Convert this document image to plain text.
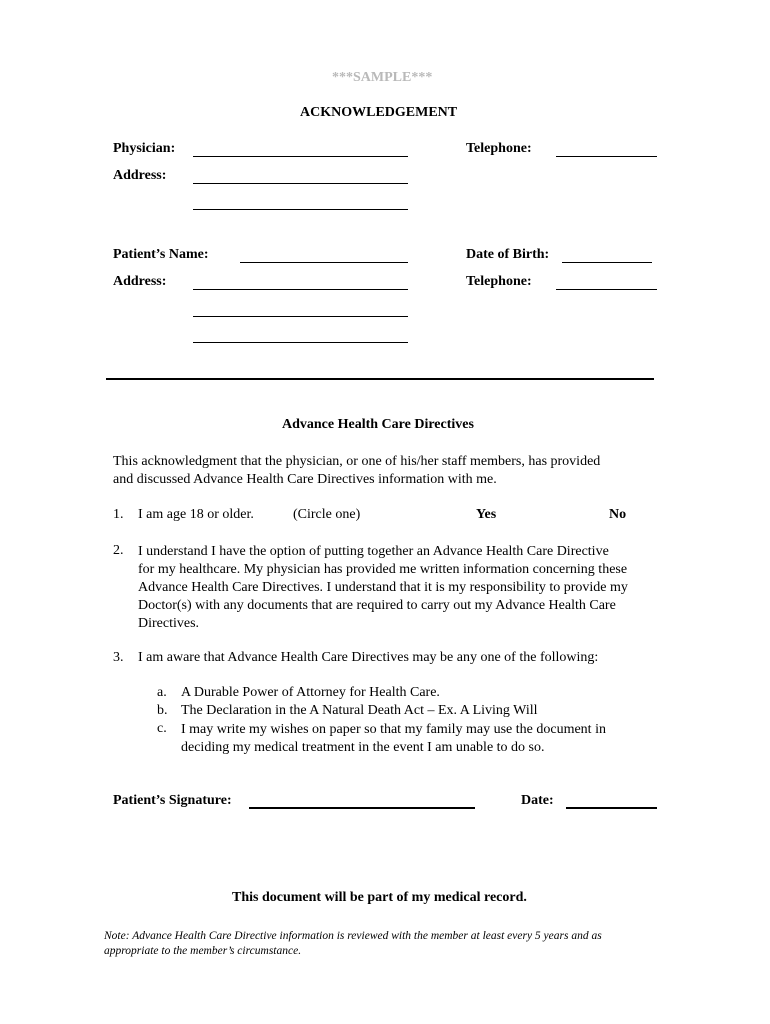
***SAMPLE***
ACKNOWLEDGEMENT
Physician:	Telephone:
Address:
Patient’s Name:	Date of Birth:
Address:	Telephone:
Advance Health Care Directives
This acknowledgment that the physician, or one of his/her staff members, has provided
and discussed Advance Health Care Directives information with me.
1. I am age 18 or older.	(Circle one)	Yes	No
2. I understand I have the option of putting together an Advance Health Care Directive
for my healthcare. My physician has provided me written information concerning these
Advance Health Care Directives. I understand that it is my responsibility to provide my
Doctor(s) with any documents that are required to carry out my Advance Health Care
Directives.
3. I am aware that Advance Health Care Directives may be any one of the following:
a. A Durable Power of Attorney for Health Care.
b. The Declaration in the A Natural Death Act – Ex. A Living Will
c. I may write my wishes on paper so that my family may use the document in
deciding my medical treatment in the event I am unable to do so.
Patient’s Signature:	Date:
This document will be part of my medical record.
Note: Advance Health Care Directive information is reviewed with the member at least every 5 years and as
appropriate to the member’s circumstance.
